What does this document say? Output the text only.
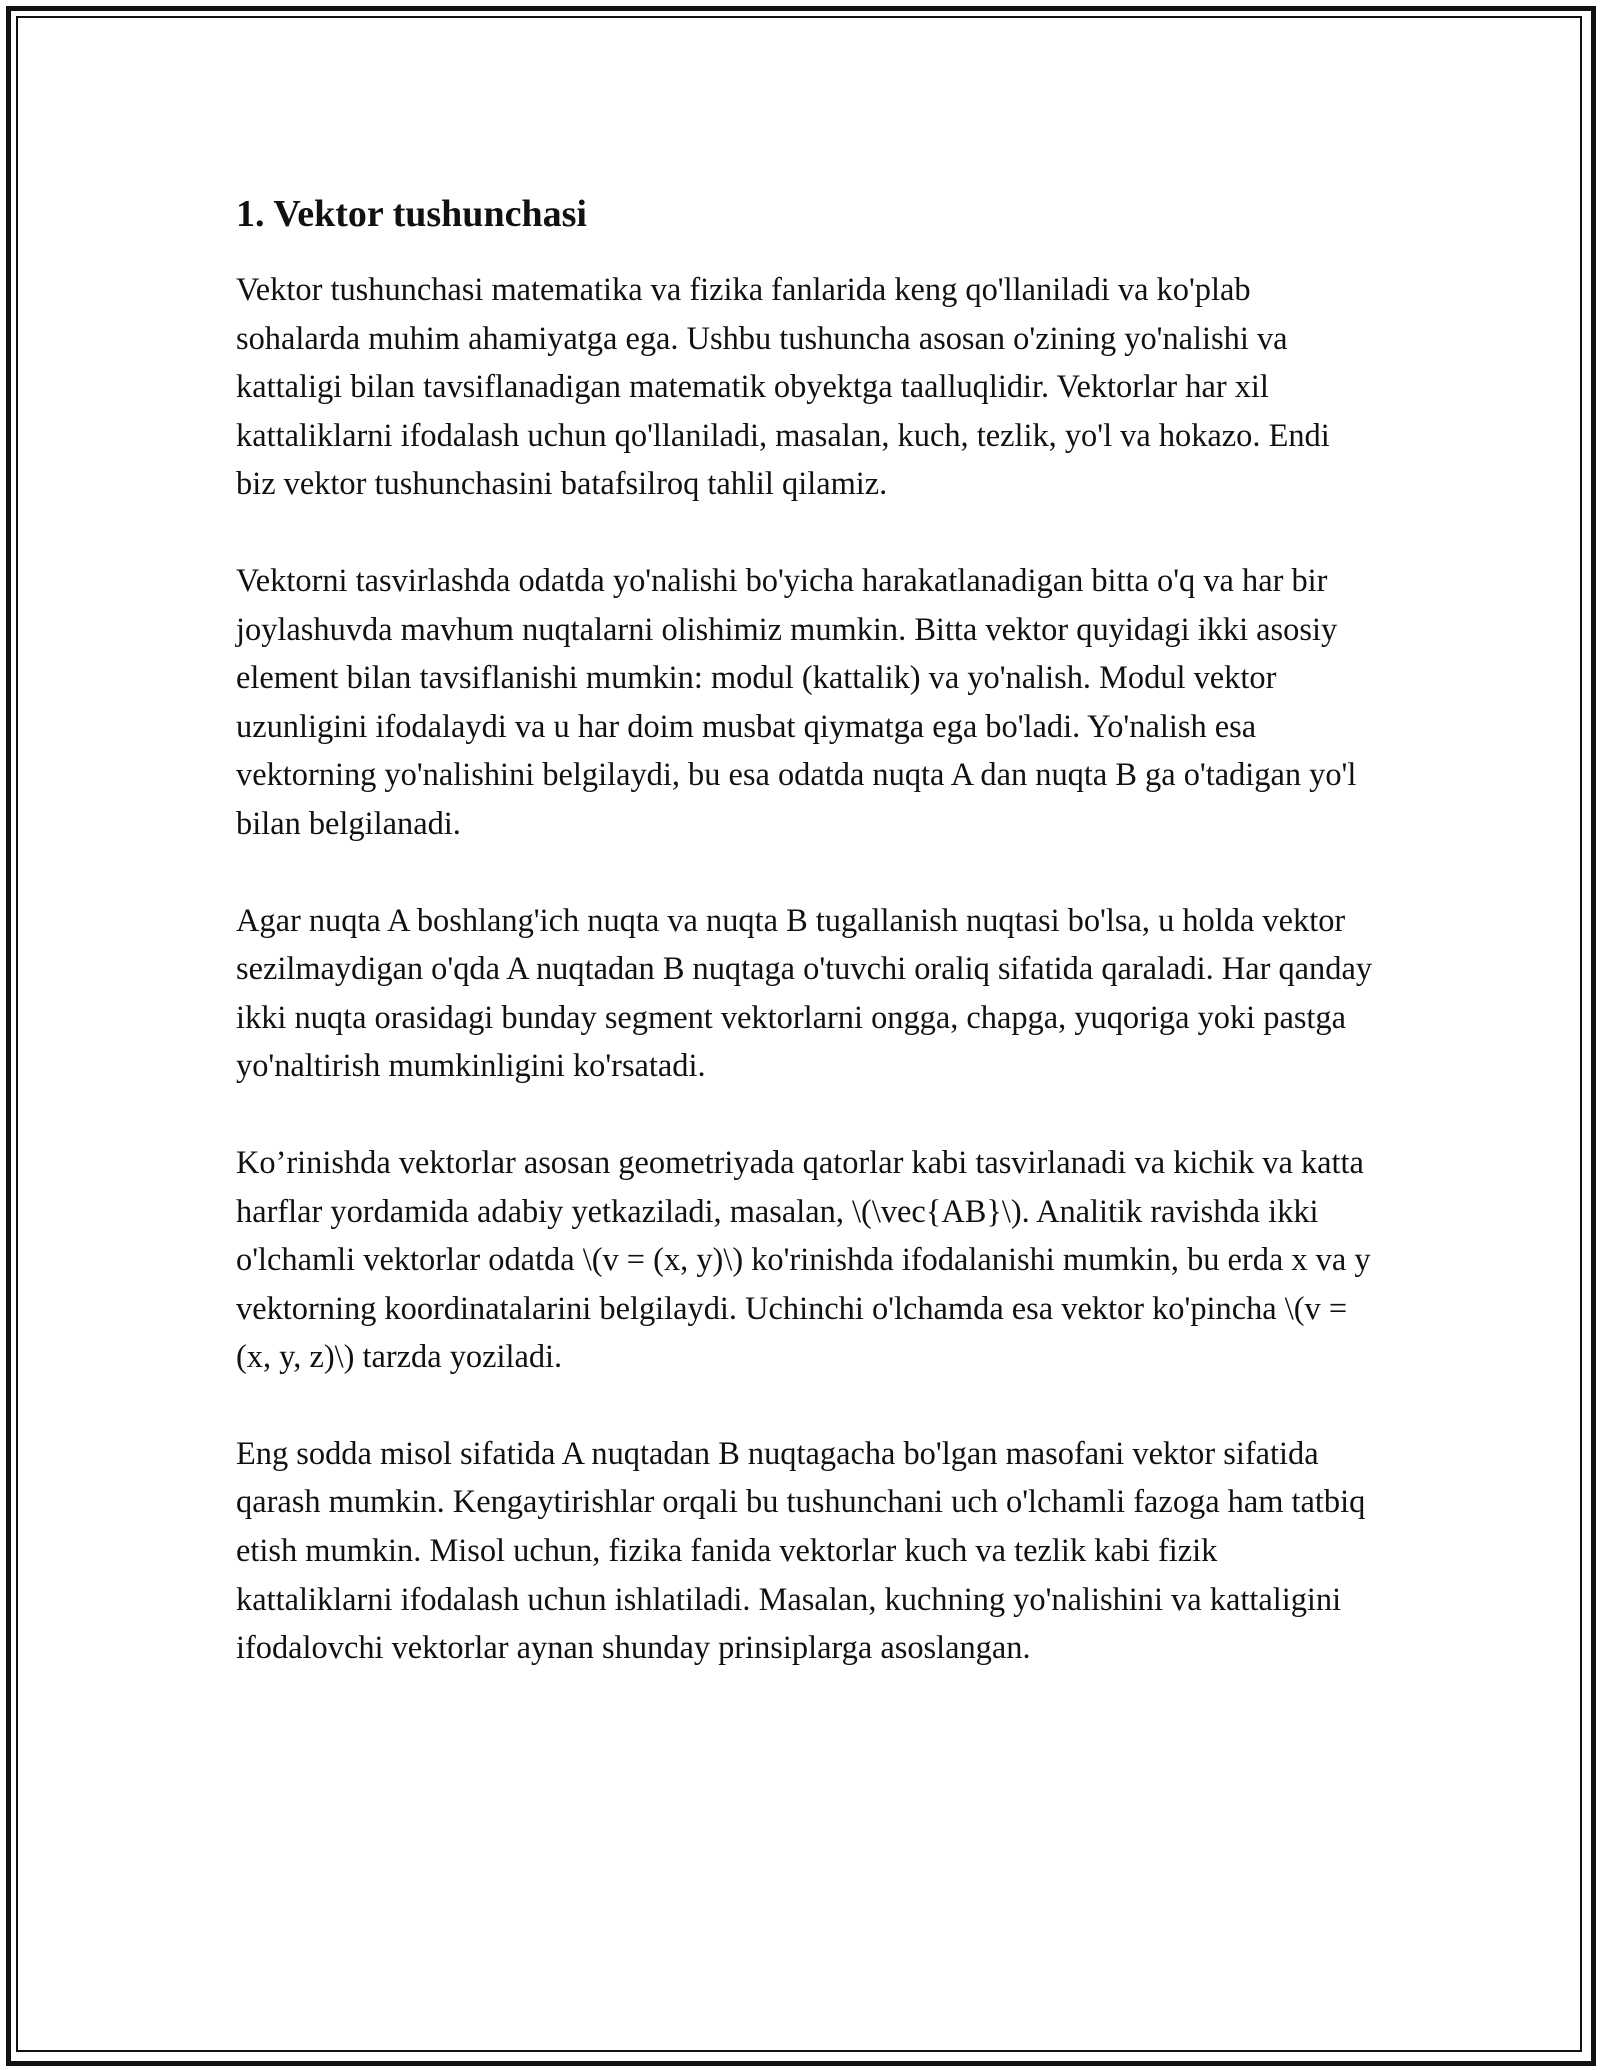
1. Vektor tushunchasi

Vektor tushunchasi matematika va fizika fanlarida keng qo'llaniladi va ko'plab sohalarda muhim ahamiyatga ega. Ushbu tushuncha asosan o'zining yo'nalishi va kattaligi bilan tavsiflanadigan matematik obyektga taalluqlidir. Vektorlar har xil kattaliklarni ifodalash uchun qo'llaniladi, masalan, kuch, tezlik, yo'l va hokazo. Endi biz vektor tushunchasini batafsilroq tahlil qilamiz.

Vektorni tasvirlashda odatda yo'nalishi bo'yicha harakatlanadigan bitta o'q va har bir joylashuvda mavhum nuqtalarni olishimiz mumkin. Bitta vektor quyidagi ikki asosiy element bilan tavsiflanishi mumkin: modul (kattalik) va yo'nalish. Modul vektor uzunligini ifodalaydi va u har doim musbat qiymatga ega bo'ladi. Yo'nalish esa vektorning yo'nalishini belgilaydi, bu esa odatda nuqta A dan nuqta B ga o'tadigan yo'l bilan belgilanadi.

Agar nuqta A boshlang'ich nuqta va nuqta B tugallanish nuqtasi bo'lsa, u holda vektor sezilmaydigan o'qda A nuqtadan B nuqtaga o'tuvchi oraliq sifatida qaraladi. Har qanday ikki nuqta orasidagi bunday segment vektorlarni ongga, chapga, yuqoriga yoki pastga yo'naltirish mumkinligini ko'rsatadi.

Ko’rinishda vektorlar asosan geometriyada qatorlar kabi tasvirlanadi va kichik va katta harflar yordamida adabiy yetkaziladi, masalan, \(\vec{AB}\). Analitik ravishda ikki o'lchamli vektorlar odatda \(v = (x, y)\) ko'rinishda ifodalanishi mumkin, bu erda x va y vektorning koordinatalarini belgilaydi. Uchinchi o'lchamda esa vektor ko'pincha \(v = (x, y, z)\) tarzda yoziladi.

Eng sodda misol sifatida A nuqtadan B nuqtagacha bo'lgan masofani vektor sifatida qarash mumkin. Kengaytirishlar orqali bu tushunchani uch o'lchamli fazoga ham tatbiq etish mumkin. Misol uchun, fizika fanida vektorlar kuch va tezlik kabi fizik kattaliklarni ifodalash uchun ishlatiladi. Masalan, kuchning yo'nalishini va kattaligini ifodalovchi vektorlar aynan shunday prinsiplarga asoslangan.
